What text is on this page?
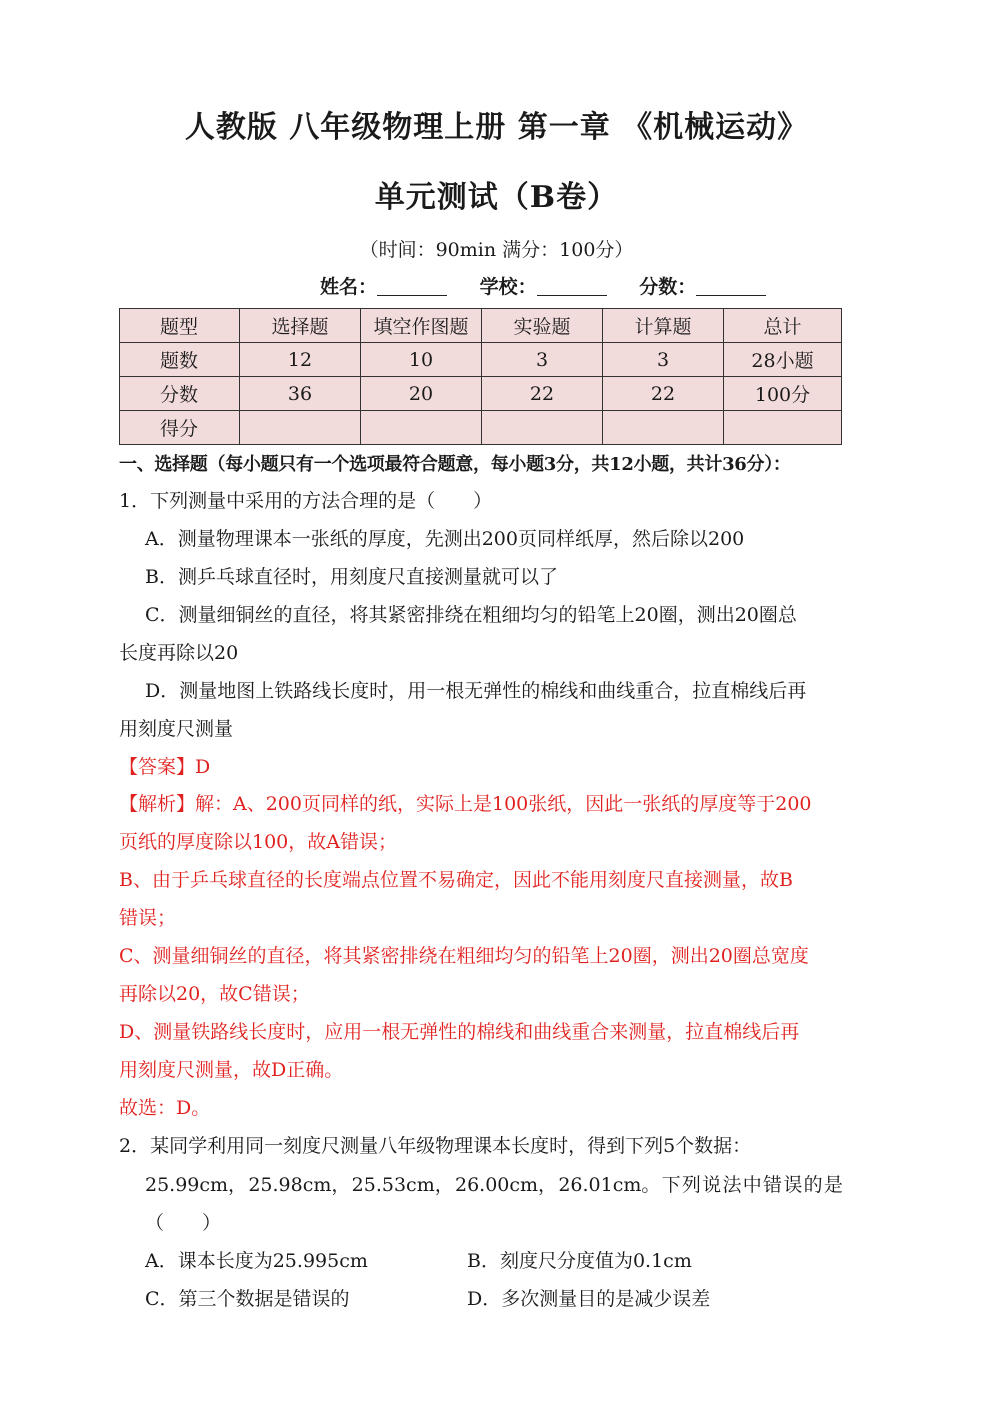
人教版 八年级物理上册 第一章 《机械运动》
单元测试（B卷）
（时间：90min 满分：100分）
姓名：	学校：	分数：
题型	选择题	填空作图题	实验题	计算题	总计
题数	12	10	3	3	28小题
分数	36	20	22	22	100分
得分					
一、选择题（每小题只有一个选项最符合题意，每小题3分，共12小题，共计36分）：
1．下列测量中采用的方法合理的是（　　）
A．测量物理课本一张纸的厚度，先测出200页同样纸厚，然后除以200
B．测乒乓球直径时，用刻度尺直接测量就可以了
C．测量细铜丝的直径，将其紧密排绕在粗细均匀的铅笔上20圈，测出20圈总
长度再除以20
D．测量地图上铁路线长度时，用一根无弹性的棉线和曲线重合，拉直棉线后再
用刻度尺测量
【答案】D
【解析】解：A、200页同样的纸，实际上是100张纸，因此一张纸的厚度等于200
页纸的厚度除以100，故A错误；
B、由于乒乓球直径的长度端点位置不易确定，因此不能用刻度尺直接测量，故B
错误；
C、测量细铜丝的直径，将其紧密排绕在粗细均匀的铅笔上20圈，测出20圈总宽度
再除以20，故C错误；
D、测量铁路线长度时，应用一根无弹性的棉线和曲线重合来测量，拉直棉线后再
用刻度尺测量，故D正确。
故选：D。
2．某同学利用同一刻度尺测量八年级物理课本长度时，得到下列5个数据：
25.99cm， 25.98cm， 25.53cm， 26.00cm， 26.01cm。 下 列 说 法 中 错 误 的 是
（　　）
A．课本长度为25.995cm	B．刻度尺分度值为0.1cm
C．第三个数据是错误的	D．多次测量目的是减少误差
